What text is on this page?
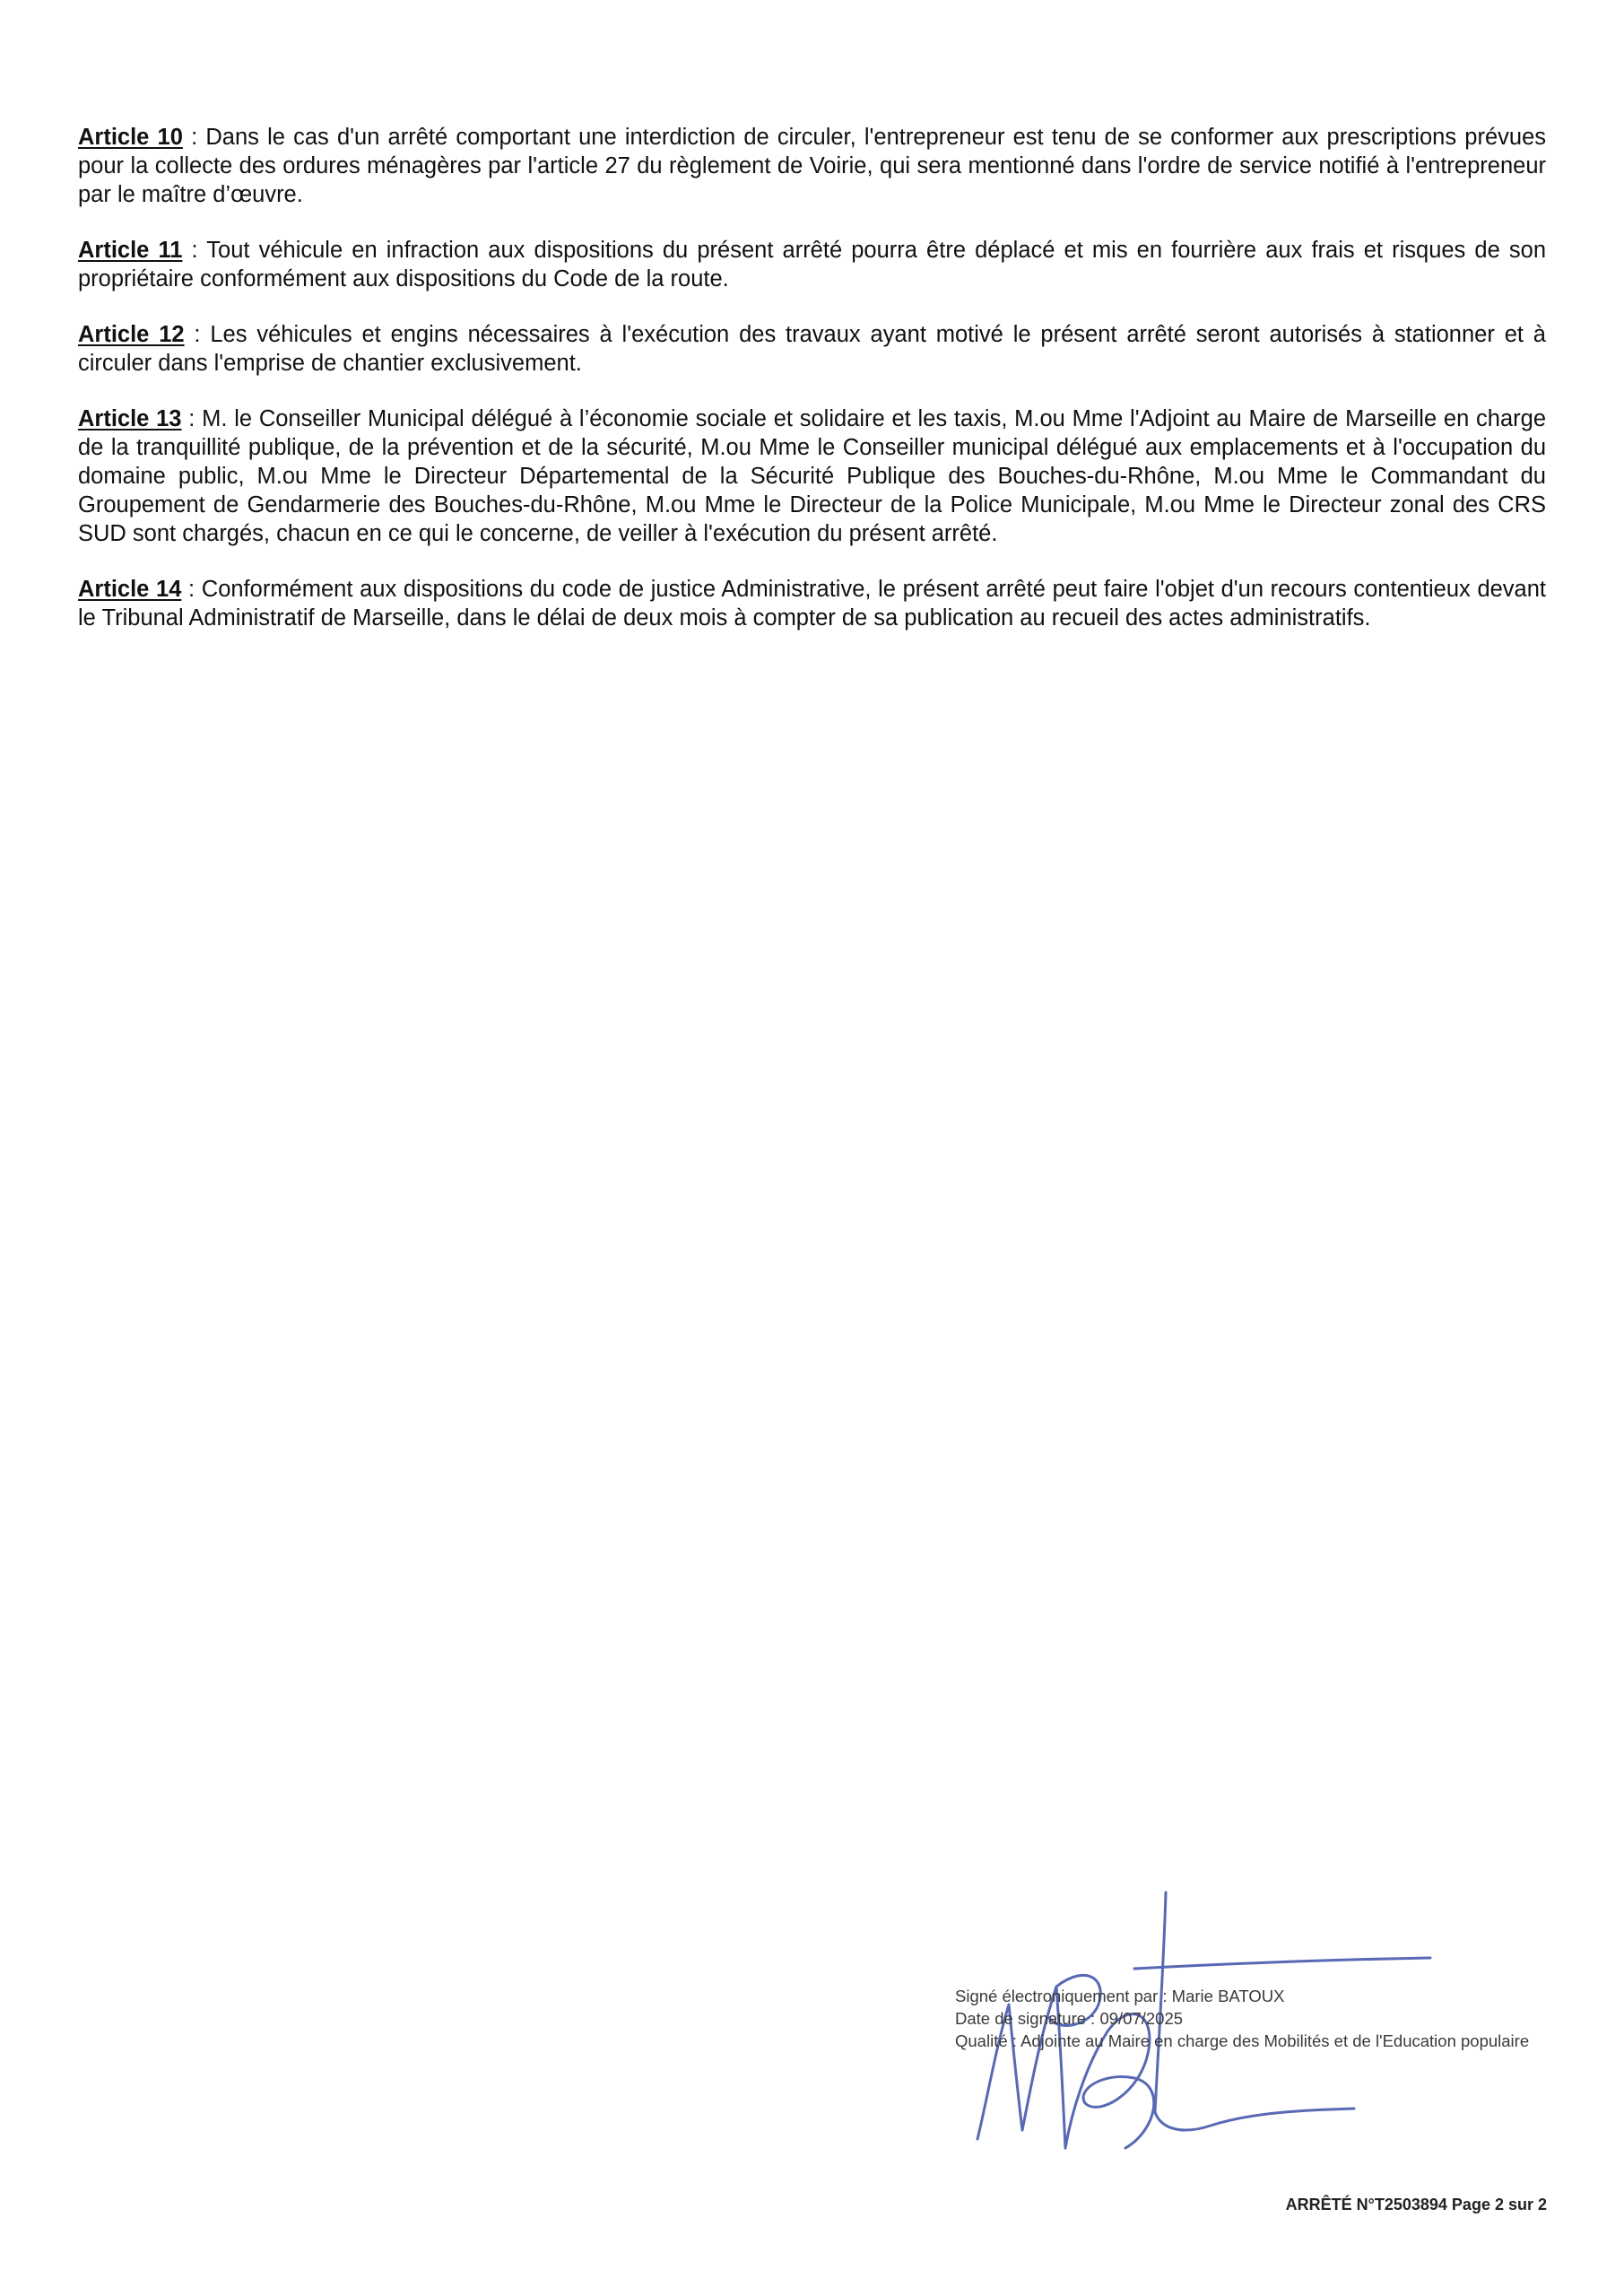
Article 10 : Dans le cas d'un arrêté comportant une interdiction de circuler, l'entrepreneur est tenu de se conformer aux prescriptions prévues pour la collecte des ordures ménagères par l'article 27 du règlement de Voirie, qui sera mentionné dans l'ordre de service notifié à l'entrepreneur par le maître d’œuvre.

Article 11 : Tout véhicule en infraction aux dispositions du présent arrêté pourra être déplacé et mis en fourrière aux frais et risques de son propriétaire conformément aux dispositions du Code de la route.

Article 12 : Les véhicules et engins nécessaires à l'exécution des travaux ayant motivé le présent arrêté seront autorisés à stationner et à circuler dans l'emprise de chantier exclusivement.

Article 13 : M. le Conseiller Municipal délégué à l’économie sociale et solidaire et les taxis, M.ou Mme l'Adjoint au Maire de Marseille en charge de la tranquillité publique, de la prévention et de la sécurité, M.ou Mme le Conseiller municipal délégué aux emplacements et à l'occupation du domaine public, M.ou Mme le Directeur Départemental de la Sécurité Publique des Bouches-du-Rhône, M.ou Mme le Commandant du Groupement de Gendarmerie des Bouches-du-Rhône, M.ou Mme le Directeur de la Police Municipale, M.ou Mme le Directeur zonal des CRS SUD sont chargés, chacun en ce qui le concerne, de veiller à l'exécution du présent arrêté.

Article 14 : Conformément aux dispositions du code de justice Administrative, le présent arrêté peut faire l'objet d'un recours contentieux devant le Tribunal Administratif de Marseille, dans le délai de deux mois à compter de sa publication au recueil des actes administratifs.

Signé électroniquement par : Marie BATOUX
Date de signature : 09/07/2025
Qualité : Adjointe au Maire en charge des Mobilités et de l'Education populaire
ARRÊTÉ N°T2503894 Page 2 sur 2
